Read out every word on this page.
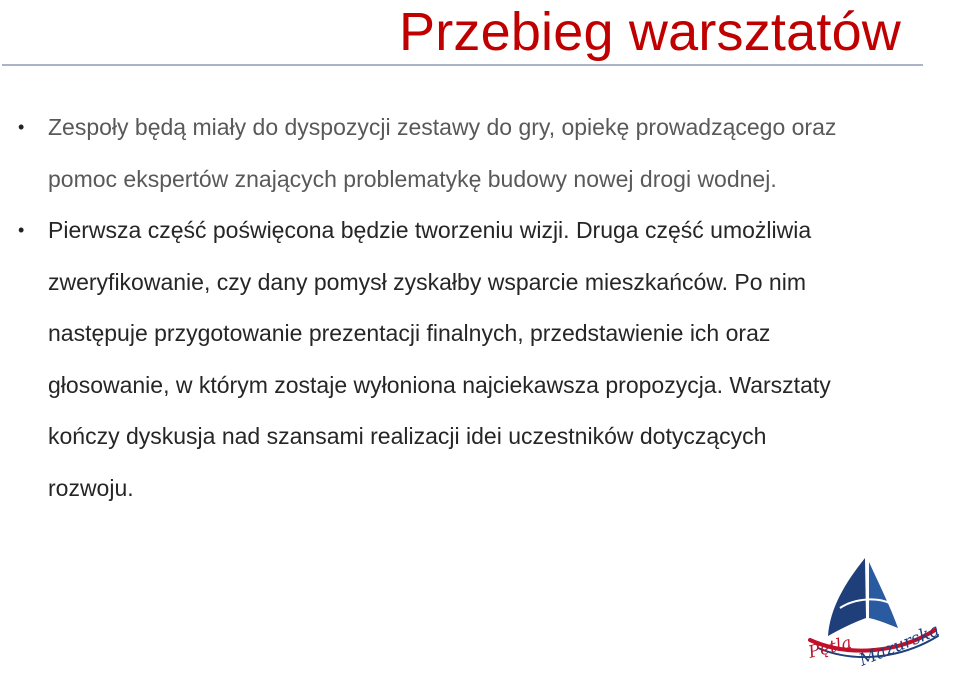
Przebieg warsztatów
• Zespoły będą miały do dyspozycji zestawy do gry, opiekę prowadzącego oraz pomoc ekspertów znających problematykę budowy nowej drogi wodnej.
• Pierwsza część poświęcona będzie tworzeniu wizji. Druga część umożliwia zweryfikowanie, czy dany pomysł zyskałby wsparcie mieszkańców. Po nim następuje przygotowanie prezentacji finalnych, przedstawienie ich oraz głosowanie, w którym zostaje wyłoniona najciekawsza propozycja. Warsztaty kończy dyskusja nad szansami realizacji idei uczestników dotyczących rozwoju.
Pętla Mazurska
